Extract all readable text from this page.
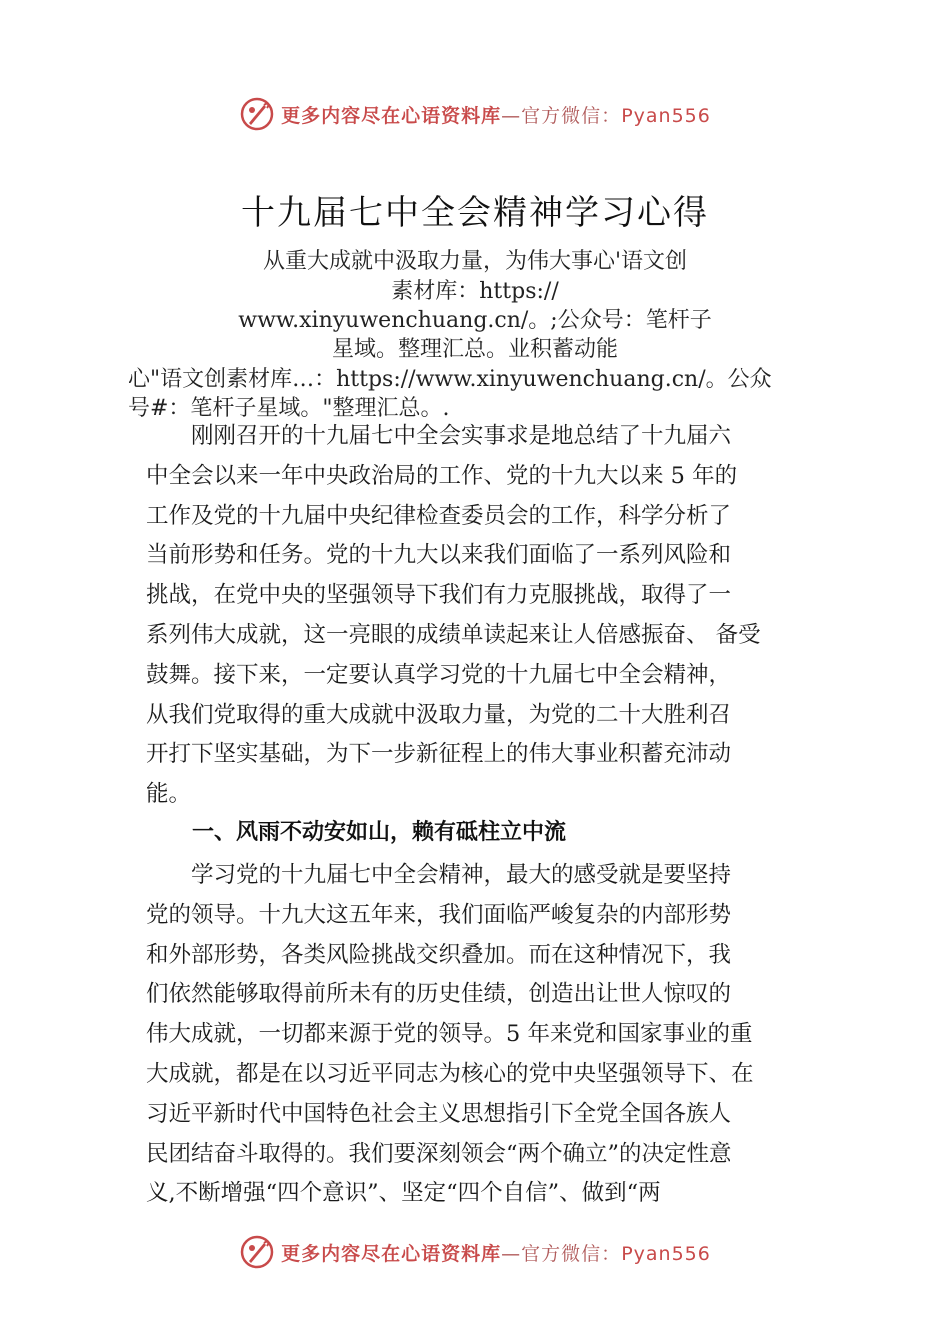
更多内容尽在心语资料库—官方微信：Pyan556
十九届七中全会精神学习心得
从重大成就中汲取力量，为伟大事心'语文创
素材库：https://
www.xinyuwenchuang.cn/。;公众号：笔杆子
星域。整理汇总。业积蓄动能
心"语文创素材库…：https://www.xinyuwenchuang.cn/。公众
号#：笔杆子星域。"整理汇总。.
　　刚刚召开的十九届七中全会实事求是地总结了十九届六
中全会以来一年中央政治局的工作、党的十九大以来 5 年的
工作及党的十九届中央纪律检查委员会的工作，科学分析了
当前形势和任务。党的十九大以来我们面临了一系列风险和
挑战，在党中央的坚强领导下我们有力克服挑战，取得了一
系列伟大成就，这一亮眼的成绩单读起来让人倍感振奋、 备受
鼓舞。接下来，一定要认真学习党的十九届七中全会精神，
从我们党取得的重大成就中汲取力量，为党的二十大胜利召
开打下坚实基础，为下一步新征程上的伟大事业积蓄充沛动
能。
一、风雨不动安如山，赖有砥柱立中流
　　学习党的十九届七中全会精神，最大的感受就是要坚持
党的领导。十九大这五年来，我们面临严峻复杂的内部形势
和外部形势，各类风险挑战交织叠加。而在这种情况下，我
们依然能够取得前所未有的历史佳绩，创造出让世人惊叹的
伟大成就，一切都来源于党的领导。5 年来党和国家事业的重
大成就，都是在以习近平同志为核心的党中央坚强领导下、在
习近平新时代中国特色社会主义思想指引下全党全国各族人
民团结奋斗取得的。我们要深刻领会“两个确立”的决定性意
义,不断增强“四个意识”、坚定“四个自信”、做到“两
更多内容尽在心语资料库—官方微信：Pyan556
